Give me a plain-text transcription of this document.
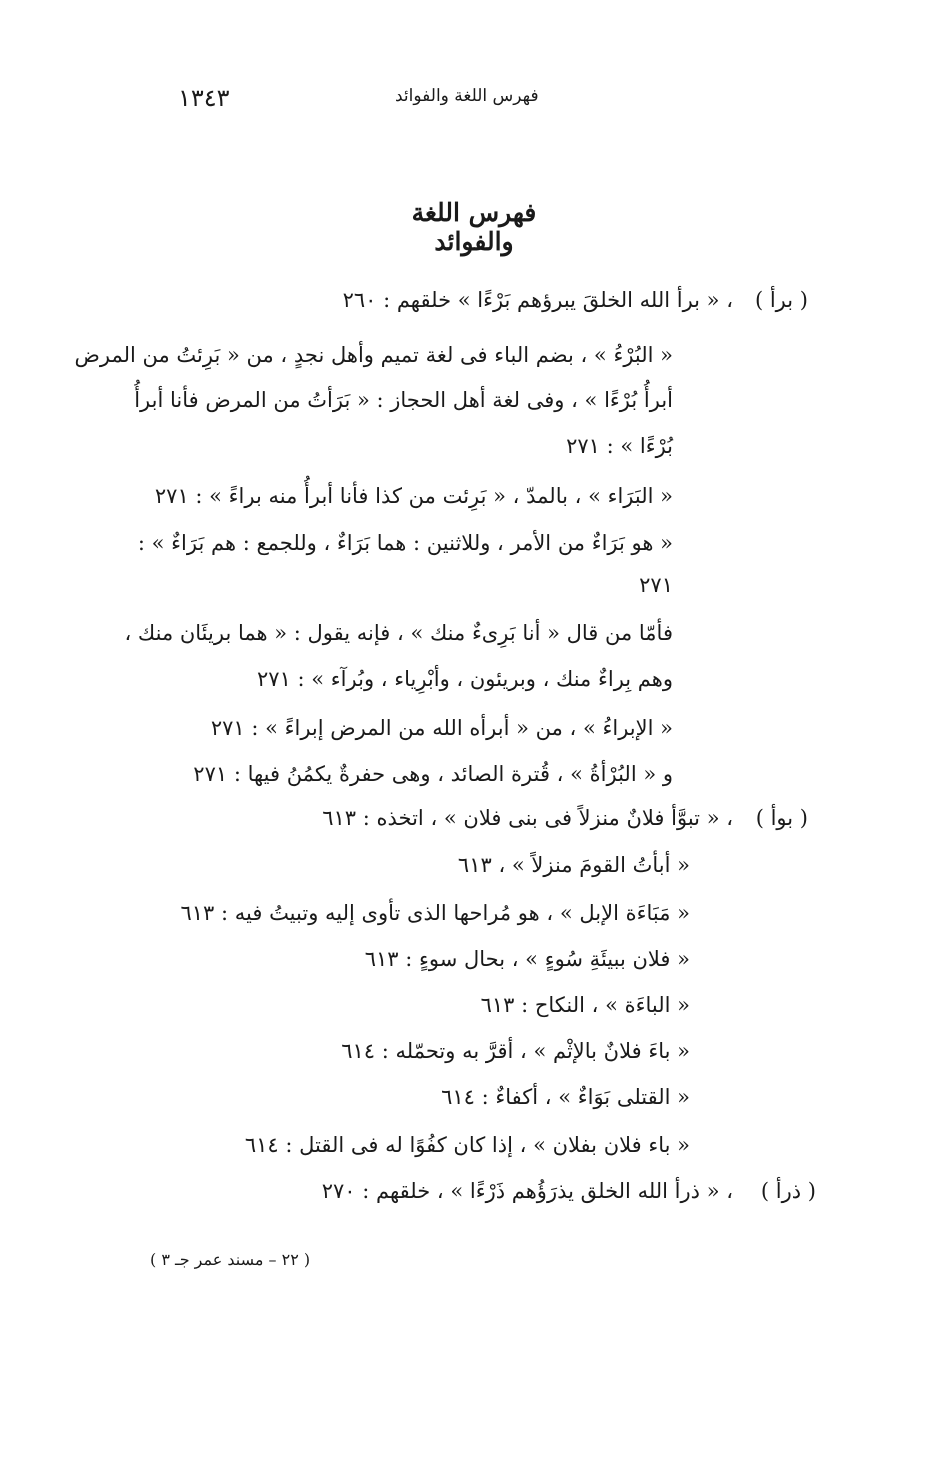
١٣٤٣	فهرس اللغة والفوائد
فهرس اللغة والفوائد
( برأ )
، « برأ الله الخلقَ يبرؤهم بَرْءًا » خلقهم : ٢٦٠
« البُرْءُ » ، بضم الباء فى لغة تميم وأهل نجدٍ ، من « بَرِئتُ من المرض
أبرأُ بُرْءًا » ، وفى لغة أهل الحجاز : « بَرَأتُ من المرض فأنا أبرأُ
بُرْءًا » : ٢٧١
« البَرَاء » ، بالمدّ ، « بَرِئت من كذا فأنا أبرأُ منه براءً » : ٢٧١
« هو بَرَاءٌ من الأمر ، وللاثنين : هما بَرَاءٌ ، وللجمع : هم بَرَاءٌ » :
٢٧١
فأمّا من قال « أنا بَرِىءٌ منك » ، فإنه يقول : « هما بريئَان منك ،
وهم بِراءٌ منك ، وبريئون ، وأبْرِياء ، وبُرآء » : ٢٧١
« الإبراءُ » ، من « أبرأه الله من المرض إبراءً » : ٢٧١
و « البُرْأةُ » ، قُترة الصائد ، وهى حفرةٌ يكمُنُ فيها : ٢٧١
( بوأ )
، « تبوَّأ فلانٌ منزلاً فى بنى فلان » ، اتخذه : ٦١٣
« أبأتُ القومَ منزلاً » ، ٦١٣
« مَبَاءَة الإبل » ، هو مُراحها الذى تأوى إليه وتبيتُ فيه : ٦١٣
« فلان ببيئَةِ سُوءٍ » ، بحال سوءٍ : ٦١٣
« الباءَة » ، النكاح : ٦١٣
« باءَ فلانٌ بالإثْم » ، أقرَّ به وتحمّله : ٦١٤
« القتلى بَوَاءٌ » ، أكفاءٌ : ٦١٤
« باء فلان بفلان » ، إذا كان كفُوًا له فى القتل : ٦١٤
( ذرأ )
، « ذرأ الله الخلق يذرَؤُهم ذَرْءًا » ، خلقهم : ٢٧٠
( ٢٢ – مسند عمر جـ ٣ )
